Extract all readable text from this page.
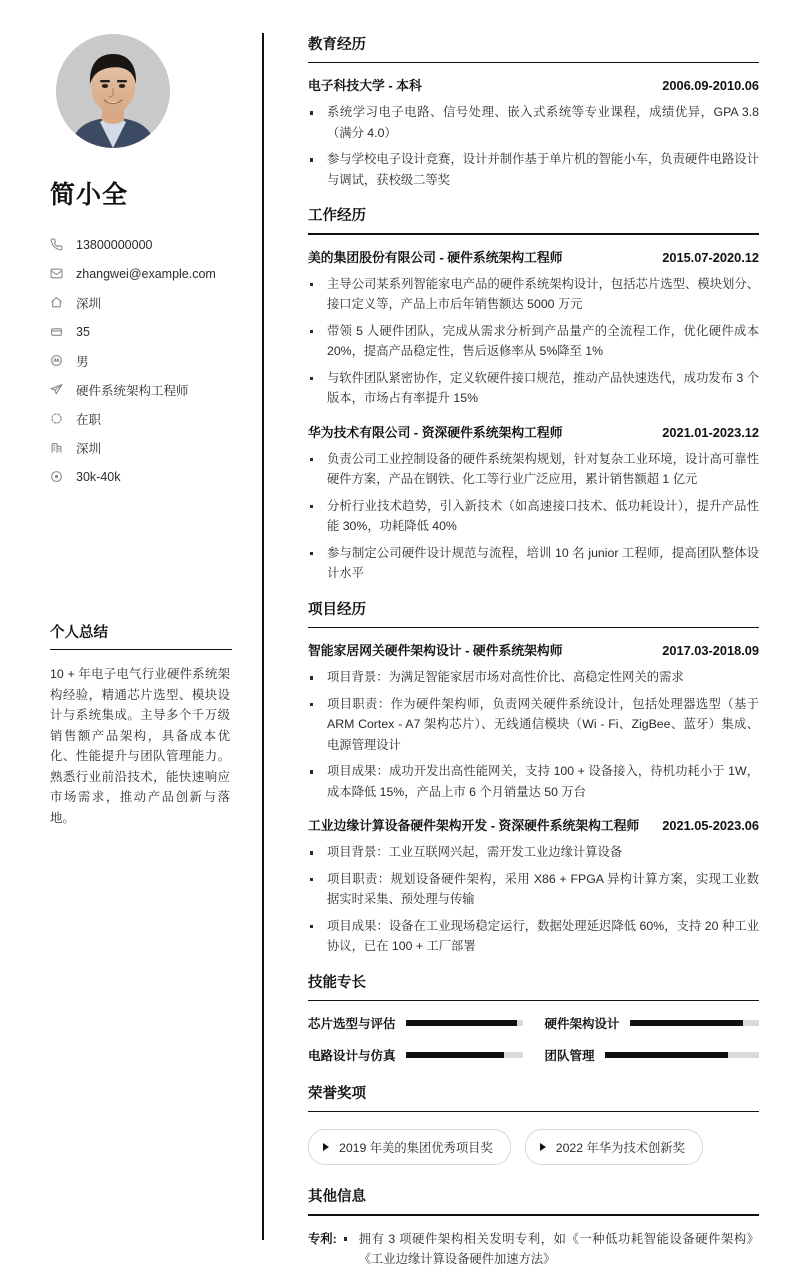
简小全
13800000000
zhangwei@example.com
深圳
35
男
硬件系统架构工程师
在职
深圳
30k-40k
个人总结
10 + 年电子电气行业硬件系统架构经验，精通芯片选型、模块设计与系统集成。主导多个千万级销售额产品架构，具备成本优化、性能提升与团队管理能力。熟悉行业前沿技术，能快速响应市场需求，推动产品创新与落地。
教育经历
电子科技大学 - 本科	2006.09-2010.06
系统学习电子电路、信号处理、嵌入式系统等专业课程，成绩优异，GPA 3.8（满分 4.0）
参与学校电子设计竞赛，设计并制作基于单片机的智能小车，负责硬件电路设计与调试，获校级二等奖
工作经历
美的集团股份有限公司 - 硬件系统架构工程师	2015.07-2020.12
主导公司某系列智能家电产品的硬件系统架构设计，包括芯片选型、模块划分、接口定义等，产品上市后年销售额达 5000 万元
带领 5 人硬件团队，完成从需求分析到产品量产的全流程工作，优化硬件成本 20%，提高产品稳定性，售后返修率从 5%降至 1%
与软件团队紧密协作，定义软硬件接口规范，推动产品快速迭代，成功发布 3 个版本，市场占有率提升 15%
华为技术有限公司 - 资深硬件系统架构工程师	2021.01-2023.12
负责公司工业控制设备的硬件系统架构规划，针对复杂工业环境，设计高可靠性硬件方案，产品在钢铁、化工等行业广泛应用，累计销售额超 1 亿元
分析行业技术趋势，引入新技术（如高速接口技术、低功耗设计），提升产品性能 30%，功耗降低 40%
参与制定公司硬件设计规范与流程，培训 10 名 junior 工程师，提高团队整体设计水平
项目经历
智能家居网关硬件架构设计 - 硬件系统架构师	2017.03-2018.09
项目背景：为满足智能家居市场对高性价比、高稳定性网关的需求
项目职责：作为硬件架构师，负责网关硬件系统设计，包括处理器选型（基于 ARM Cortex - A7 架构芯片）、无线通信模块（Wi - Fi、ZigBee、蓝牙）集成、电源管理设计
项目成果：成功开发出高性能网关，支持 100 + 设备接入，待机功耗小于 1W，成本降低 15%，产品上市 6 个月销量达 50 万台
工业边缘计算设备硬件架构开发 - 资深硬件系统架构工程师	2021.05-2023.06
项目背景：工业互联网兴起，需开发工业边缘计算设备
项目职责：规划设备硬件架构，采用 X86 + FPGA 异构计算方案，实现工业数据实时采集、预处理与传输
项目成果：设备在工业现场稳定运行，数据处理延迟降低 60%，支持 20 种工业协议，已在 100 + 工厂部署
技能专长
芯片选型与评估	硬件架构设计
电路设计与仿真	团队管理
荣誉奖项
2019 年美的集团优秀项目奖	2022 年华为技术创新奖
其他信息
专利:	拥有 3 项硬件架构相关发明专利，如《一种低功耗智能设备硬件架构》《工业边缘计算设备硬件加速方法》
